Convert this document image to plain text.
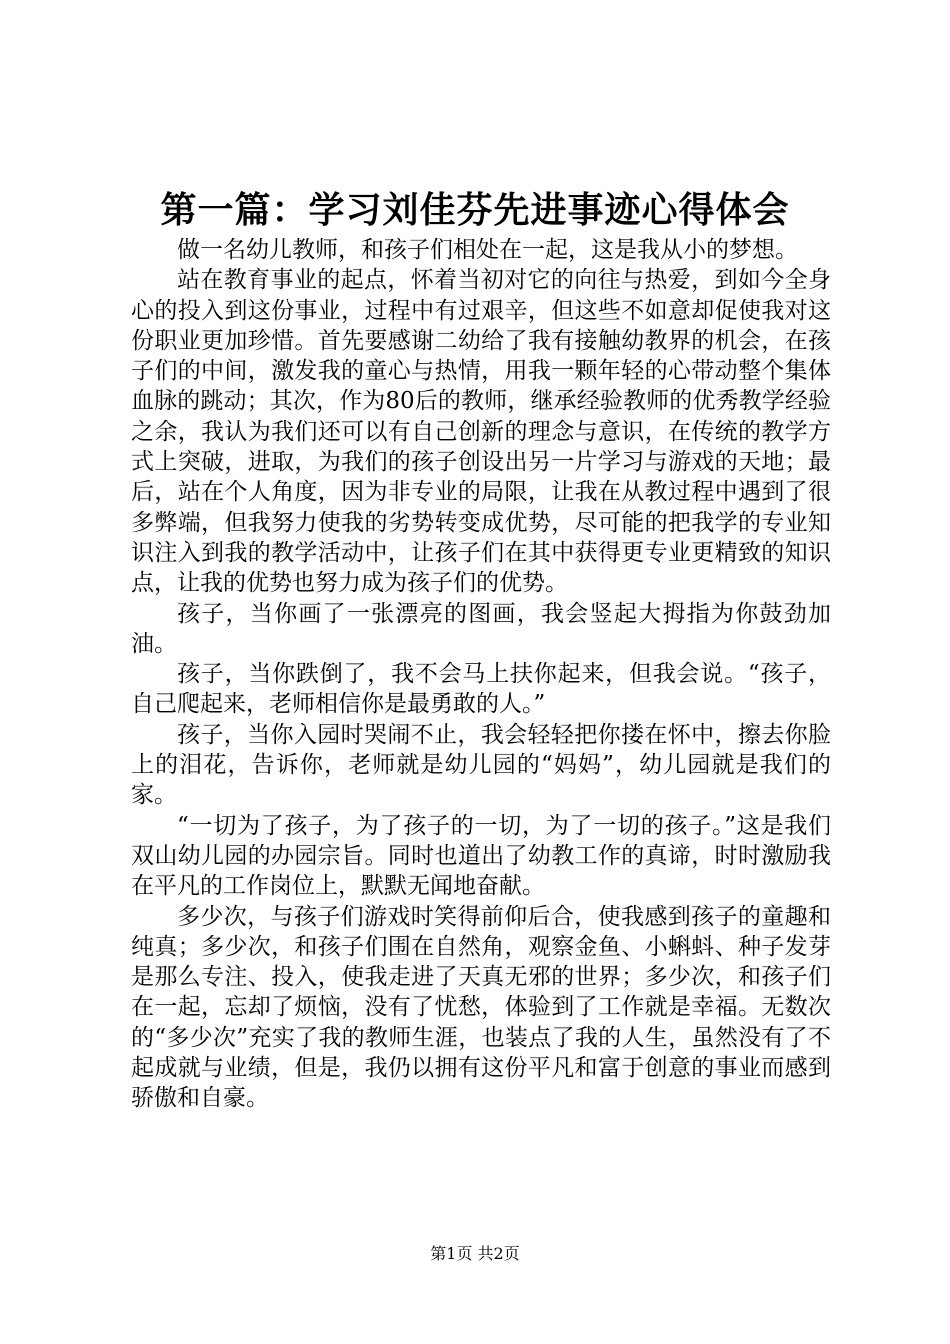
第一篇：学习刘佳芬先进事迹心得体会

做一名幼儿教师，和孩子们相处在一起，这是我从小的梦想。

站在教育事业的起点，怀着当初对它的向往与热爱，到如今全身心的投入到这份事业，过程中有过艰辛，但这些不如意却促使我对这份职业更加珍惜。首先要感谢二幼给了我有接触幼教界的机会，在孩子们的中间，激发我的童心与热情，用我一颗年轻的心带动整个集体血脉的跳动；其次，作为80后的教师，继承经验教师的优秀教学经验之余，我认为我们还可以有自己创新的理念与意识，在传统的教学方式上突破，进取，为我们的孩子创设出另一片学习与游戏的天地；最后，站在个人角度，因为非专业的局限，让我在从教过程中遇到了很多弊端，但我努力使我的劣势转变成优势，尽可能的把我学的专业知识注入到我的教学活动中，让孩子们在其中获得更专业更精致的知识点，让我的优势也努力成为孩子们的优势。

孩子，当你画了一张漂亮的图画，我会竖起大拇指为你鼓劲加油。

孩子，当你跌倒了，我不会马上扶你起来，但我会说。“孩子，自己爬起来，老师相信你是最勇敢的人。”

孩子，当你入园时哭闹不止，我会轻轻把你搂在怀中，擦去你脸上的泪花，告诉你，老师就是幼儿园的“妈妈”，幼儿园就是我们的家。

“一切为了孩子，为了孩子的一切，为了一切的孩子。”这是我们双山幼儿园的办园宗旨。同时也道出了幼教工作的真谛，时时激励我在平凡的工作岗位上，默默无闻地奋献。

多少次，与孩子们游戏时笑得前仰后合，使我感到孩子的童趣和纯真；多少次，和孩子们围在自然角，观察金鱼、小蝌蚪、种子发芽是那么专注、投入，使我走进了天真无邪的世界；多少次，和孩子们在一起，忘却了烦恼，没有了忧愁，体验到了工作就是幸福。无数次的“多少次”充实了我的教师生涯，也装点了我的人生，虽然没有了不起成就与业绩，但是，我仍以拥有这份平凡和富于创意的事业而感到骄傲和自豪。

第1页 共2页
